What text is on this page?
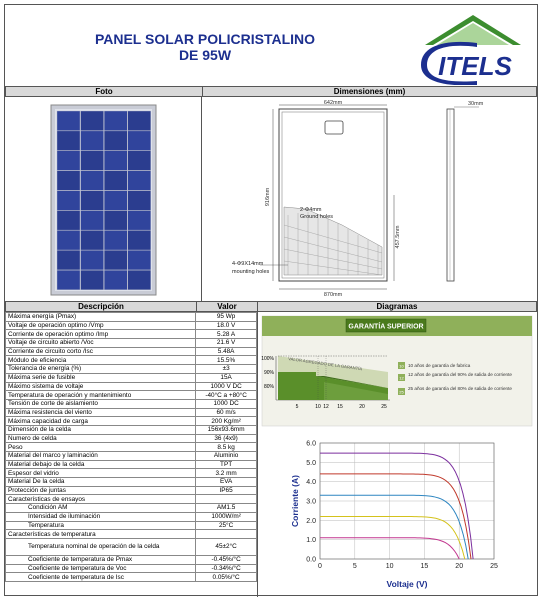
PANEL SOLAR POLICRISTALINO
DE 95W	ITELS
Foto	Dimensiones (mm)
642mm
916mm
457.5mm
30mm
2-Φ4mm
Ground holes
4-Φ9X14mm
mounting holes
870mm
Descripción	Valor	Diagramas
Máxima energía (Pmax)	95 Wp
Voltaje de operación optimo /Vmp	18.0 V
Corriente de operación optimo /Imp	5.28 A
Voltaje de circuito abierto /Voc	21.6 V
Corriente de circuito corto /Isc	5.48A
Módulo de eficiencia	15.5%
Tolerancia de energía (%)	±3
Máxima serie de fusible	15A
Máximo sistema de voltaje	1000 V DC
Temperatura de operación y mantenimiento	-40°C a +80°C
Tensión de corte de aislamiento	1000 DC
Máxima resistencia del viento	60 m/s
Máxima capacidad de carga	200 Kg/m²
Dimensión de la celda	156x93.6mm
Numero de celda	36 (4x9)
Peso	8.5 kg
Material del marco y laminación	Aluminio
Material debajo de la celda	TPT
Espesor del vidrio	3.2 mm
Material De la celda	EVA
Protección de juntas	IP65
Características de ensayos	
Condición AM	AM1.5
Intensidad de iluminación	1000W/m²
Temperatura	25°C
Características de temperatura	
Temperatura nominal de operación de la celda	45±2°C
Coeficiente de temperatura de Pmax	-0.45%/°C
Coeficiente de temperatura de Voc	-0.34%/°C
Coeficiente de temperatura de Isc	0.05%/°C
GARANTÍA SUPERIOR
100%
90%
80%
VALOR AGREGADO DE LA GARANTÍA
5	10 12 15	20	25
10 10 años de garantía de fabrica
12
12 años de garantía del 90% de salida de corriente
25
25 años de garantía del 80% de salida de corriente
0.0
1.0
2.0
3.0
4.0
5.0
6.0
0	5	10	15	20	25
Voltaje (V)
Corriente (A)
